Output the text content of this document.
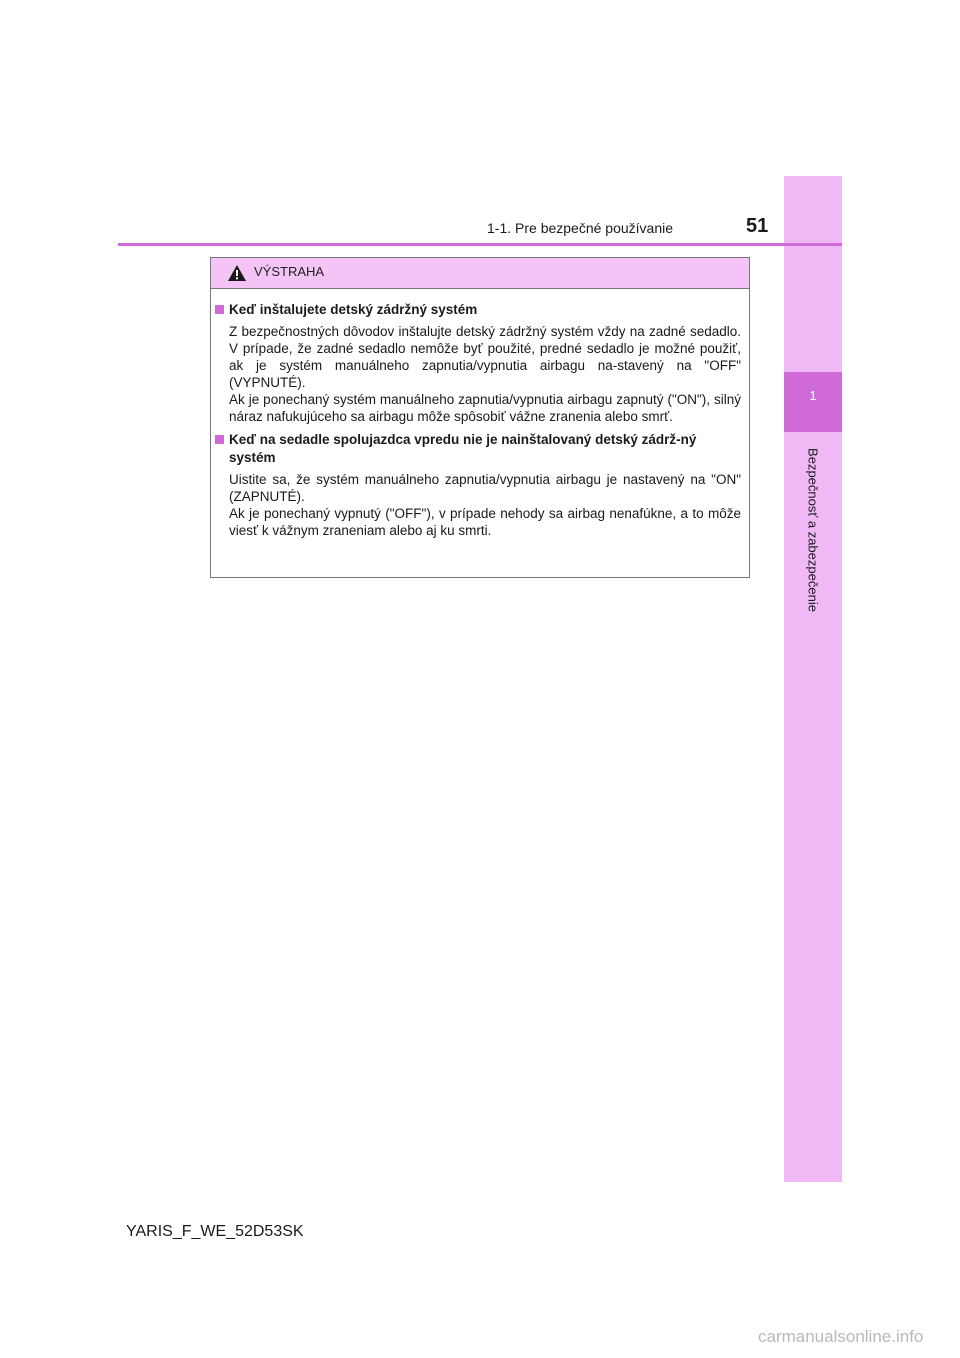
1
Bezpečnosť a zabezpečenie
1-1. Pre bezpečné používanie	51
VÝSTRAHA
Keď inštalujete detský zádržný systém

Z bezpečnostných dôvodov inštalujte detský zádržný systém vždy na zadné sedadlo. V prípade, že zadné sedadlo nemôže byť použité, predné sedadlo je možné použiť, ak je systém manuálneho zapnutia/vypnutia airbagu na-stavený na "OFF" (VYPNUTÉ).

Ak je ponechaný systém manuálneho zapnutia/vypnutia airbagu zapnutý ("ON"), silný náraz nafukujúceho sa airbagu môže spôsobiť vážne zranenia alebo smrť.

Keď na sedadle spolujazdca vpredu nie je nainštalovaný detský zádrž-ný systém

Uistite sa, že systém manuálneho zapnutia/vypnutia airbagu je nastavený na "ON" (ZAPNUTÉ).

Ak je ponechaný vypnutý ("OFF"), v prípade nehody sa airbag nenafúkne, a to môže viesť k vážnym zraneniam alebo aj ku smrti.

YARIS_F_WE_52D53SK
carmanualsonline.info
